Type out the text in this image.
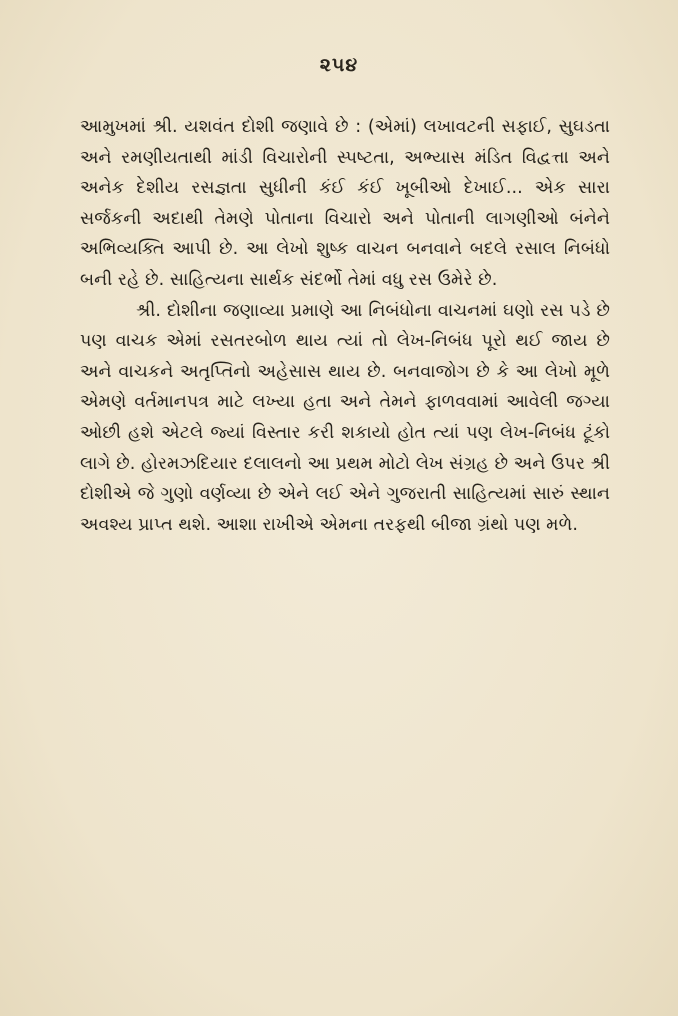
૨૫૪

આમુખમાં શ્રી. યશવંત દોશી જણાવે છે : (એમાં) લખાવટની સફાઈ, સુઘડતા અને રમણીયતાથી માંડી વિચારોની સ્પષ્ટતા, અભ્યાસ મંડિત વિદ્વત્તા અને અનેક દેશીય રસજ્ઞતા સુધીની કંઈ કંઈ ખૂબીઓ દેખાઈ... એક સારા સર્જકની અદાથી તેમણે પોતાના વિચારો અને પોતાની લાગણીઓ બંનેને અભિવ્યક્તિ આપી છે. આ લેખો શુષ્ક વાચન બનવાને બદલે રસાલ નિબંધો બની રહે છે. સાહિત્યના સાર્થક સંદર્ભો તેમાં વધુ રસ ઉમેરે છે.

શ્રી. દોશીના જણાવ્યા પ્રમાણે આ નિબંધોના વાચનમાં ઘણો રસ પડે છે પણ વાચક એમાં રસતરબોળ થાય ત્યાં તો લેખ-નિબંધ પૂરો થઈ જાય છે અને વાચકને અતૃપ્તિનો અહેસાસ થાય છે. બનવાજોગ છે કે આ લેખો મૂળે એમણે વર્તમાનપત્ર માટે લખ્યા હતા અને તેમને ફાળવવામાં આવેલી જગ્યા ઓછી હશે એટલે જ્યાં વિસ્તાર કરી શકાયો હોત ત્યાં પણ લેખ-નિબંધ ટૂંકો લાગે છે. હોરમઝદિયાર દલાલનો આ પ્રથમ મોટો લેખ સંગ્રહ છે અને ઉપર શ્રી દોશીએ જે ગુણો વર્ણવ્યા છે એને લઈ એને ગુજરાતી સાહિત્યમાં સારું સ્થાન અવશ્ય પ્રાપ્ત થશે. આશા રાખીએ એમના તરફથી બીજા ગ્રંથો પણ મળે.
